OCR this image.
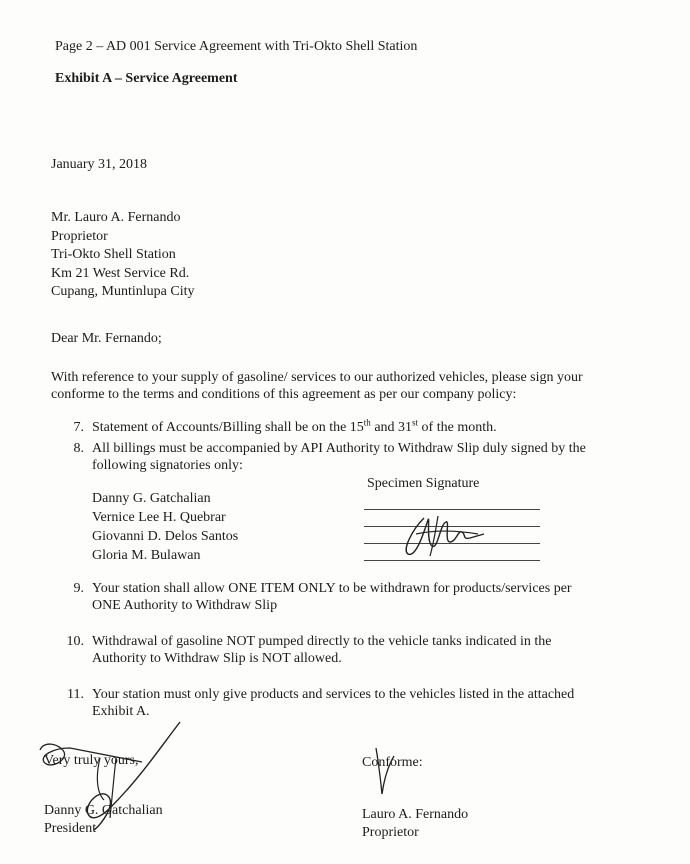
Page 2 – AD 001 Service Agreement with Tri-Okto Shell Station
Exhibit A – Service Agreement
January 31, 2018
Mr. Lauro A. Fernando
Proprietor
Tri-Okto Shell Station
Km 21 West Service Rd.
Cupang, Muntinlupa City
Dear Mr. Fernando;
With reference to your supply of gasoline/ services to our authorized vehicles, please sign your
conforme to the terms and conditions of this agreement as per our company policy:
7. Statement of Accounts/Billing shall be on the 15th and 31st of the month.
8. All billings must be accompanied by API Authority to Withdraw Slip duly signed by the
following signatories only:
Specimen Signature
Danny G. Gatchalian
Vernice Lee H. Quebrar
Giovanni D. Delos Santos
Gloria M. Bulawan
9. Your station shall allow ONE ITEM ONLY to be withdrawn for products/services per
ONE Authority to Withdraw Slip
10. Withdrawal of gasoline NOT pumped directly to the vehicle tanks indicated in the
Authority to Withdraw Slip is NOT allowed.
11. Your station must only give products and services to the vehicles listed in the attached
Exhibit A.
Very truly yours,
Danny G. Gatchalian
President
Conforme:
Lauro A. Fernando
Proprietor
